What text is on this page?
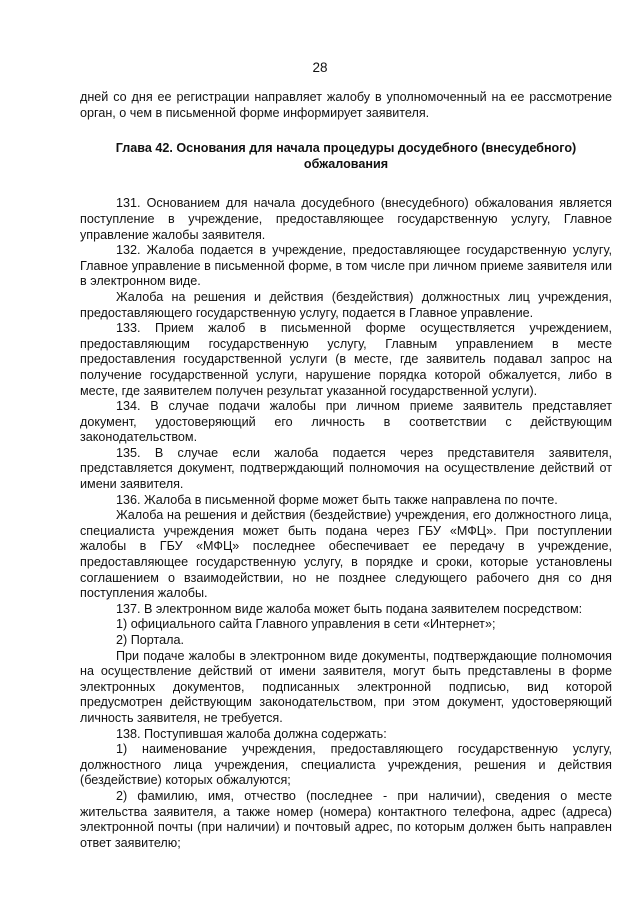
28

дней со дня ее регистрации направляет жалобу в уполномоченный на ее рассмотрение орган, о чем в письменной форме информирует заявителя.

Глава 42. Основания для начала процедуры досудебного (внесудебного) обжалования

131. Основанием для начала досудебного (внесудебного) обжалования является поступление в учреждение, предоставляющее государственную услугу, Главное управление жалобы заявителя.

132. Жалоба подается в учреждение, предоставляющее государственную услугу, Главное управление в письменной форме, в том числе при личном приеме заявителя или в электронном виде.

Жалоба на решения и действия (бездействия) должностных лиц учреждения, предоставляющего государственную услугу, подается в Главное управление.

133. Прием жалоб в письменной форме осуществляется учреждением, предоставляющим государственную услугу, Главным управлением в месте предоставления государственной услуги (в месте, где заявитель подавал запрос на получение государственной услуги, нарушение порядка которой обжалуется, либо в месте, где заявителем получен результат указанной государственной услуги).

134. В случае подачи жалобы при личном приеме заявитель представляет документ, удостоверяющий его личность в соответствии с действующим законодательством.

135. В случае если жалоба подается через представителя заявителя, представляется документ, подтверждающий полномочия на осуществление действий от имени заявителя.

136. Жалоба в письменной форме может быть также направлена по почте.

Жалоба на решения и действия (бездействие) учреждения, его должностного лица, специалиста учреждения может быть подана через ГБУ «МФЦ». При поступлении жалобы в ГБУ «МФЦ» последнее обеспечивает ее передачу в учреждение, предоставляющее государственную услугу, в порядке и сроки, которые установлены соглашением о взаимодействии, но не позднее следующего рабочего дня со дня поступления жалобы.

137. В электронном виде жалоба может быть подана заявителем посредством:

1) официального сайта Главного управления в сети «Интернет»;

2) Портала.

При подаче жалобы в электронном виде документы, подтверждающие полномочия на осуществление действий от имени заявителя, могут быть представлены в форме электронных документов, подписанных электронной подписью, вид которой предусмотрен действующим законодательством, при этом документ, удостоверяющий личность заявителя, не требуется.

138. Поступившая жалоба должна содержать:

1) наименование учреждения, предоставляющего государственную услугу, должностного лица учреждения, специалиста учреждения, решения и действия (бездействие) которых обжалуются;

2) фамилию, имя, отчество (последнее - при наличии), сведения о месте жительства заявителя, а также номер (номера) контактного телефона, адрес (адреса) электронной почты (при наличии) и почтовый адрес, по которым должен быть направлен ответ заявителю;
